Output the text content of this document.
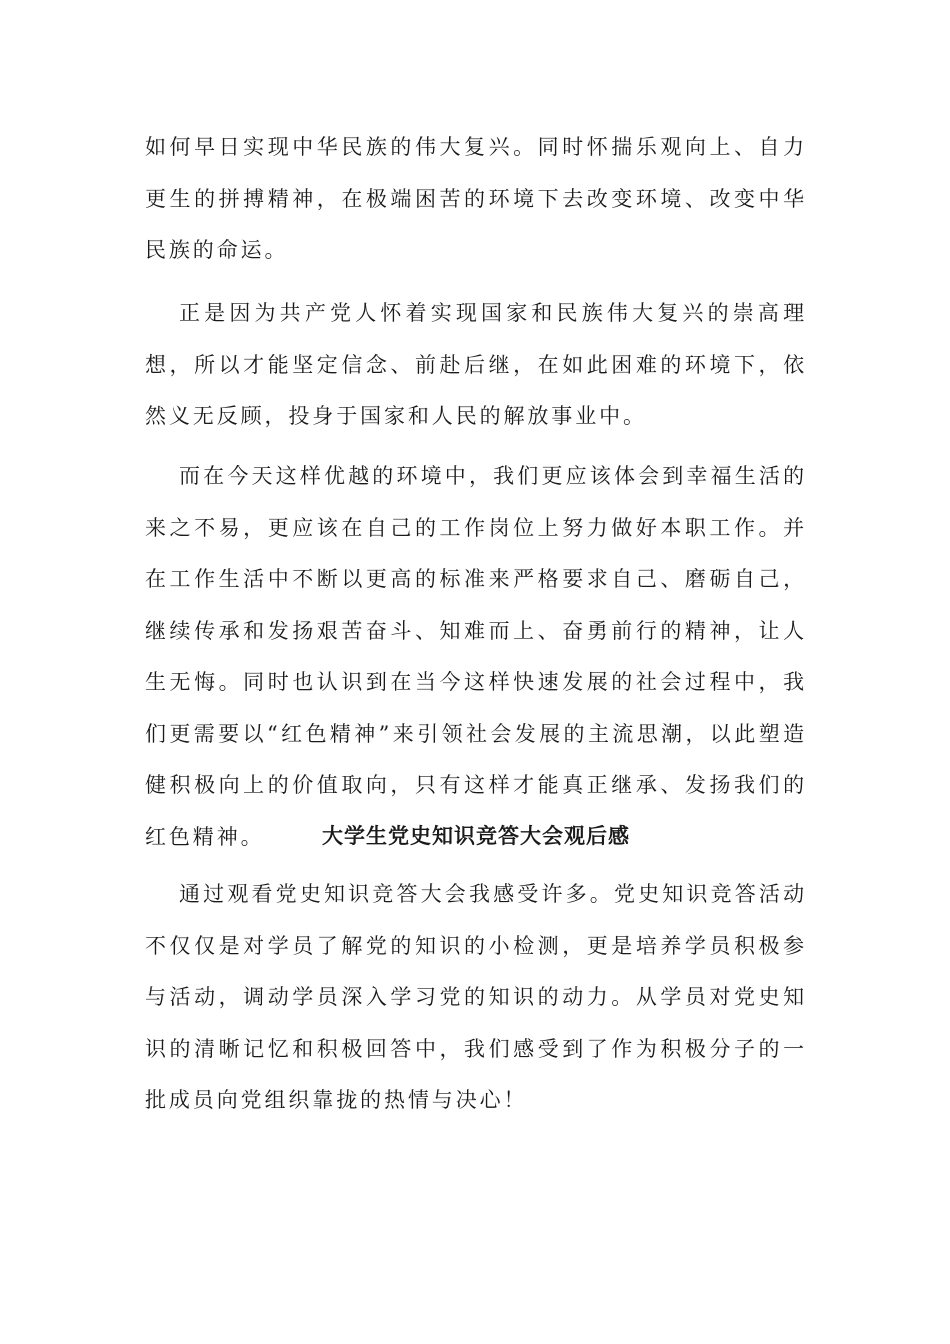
如何早日实现中华民族的伟大复兴。同时怀揣乐观向上、自力更生的拼搏精神，在极端困苦的环境下去改变环境、改变中华民族的命运。

正是因为共产党人怀着实现国家和民族伟大复兴的崇高理想，所以才能坚定信念、前赴后继，在如此困难的环境下，依然义无反顾，投身于国家和人民的解放事业中。

而在今天这样优越的环境中，我们更应该体会到幸福生活的来之不易，更应该在自己的工作岗位上努力做好本职工作。并在工作生活中不断以更高的标准来严格要求自己、磨砺自己，继续传承和发扬艰苦奋斗、知难而上、奋勇前行的精神，让人生无悔。同时也认识到在当今这样快速发展的社会过程中，我们更需要以“红色精神”来引领社会发展的主流思潮，以此塑造健积极向上的价值取向，只有这样才能真正继承、发扬我们的红色精神。	大学生党史知识竞答大会观后感

通过观看党史知识竞答大会我感受许多。党史知识竞答活动不仅仅是对学员了解党的知识的小检测，更是培养学员积极参与活动，调动学员深入学习党的知识的动力。从学员对党史知识的清晰记忆和积极回答中，我们感受到了作为积极分子的一批成员向党组织靠拢的热情与决心！
